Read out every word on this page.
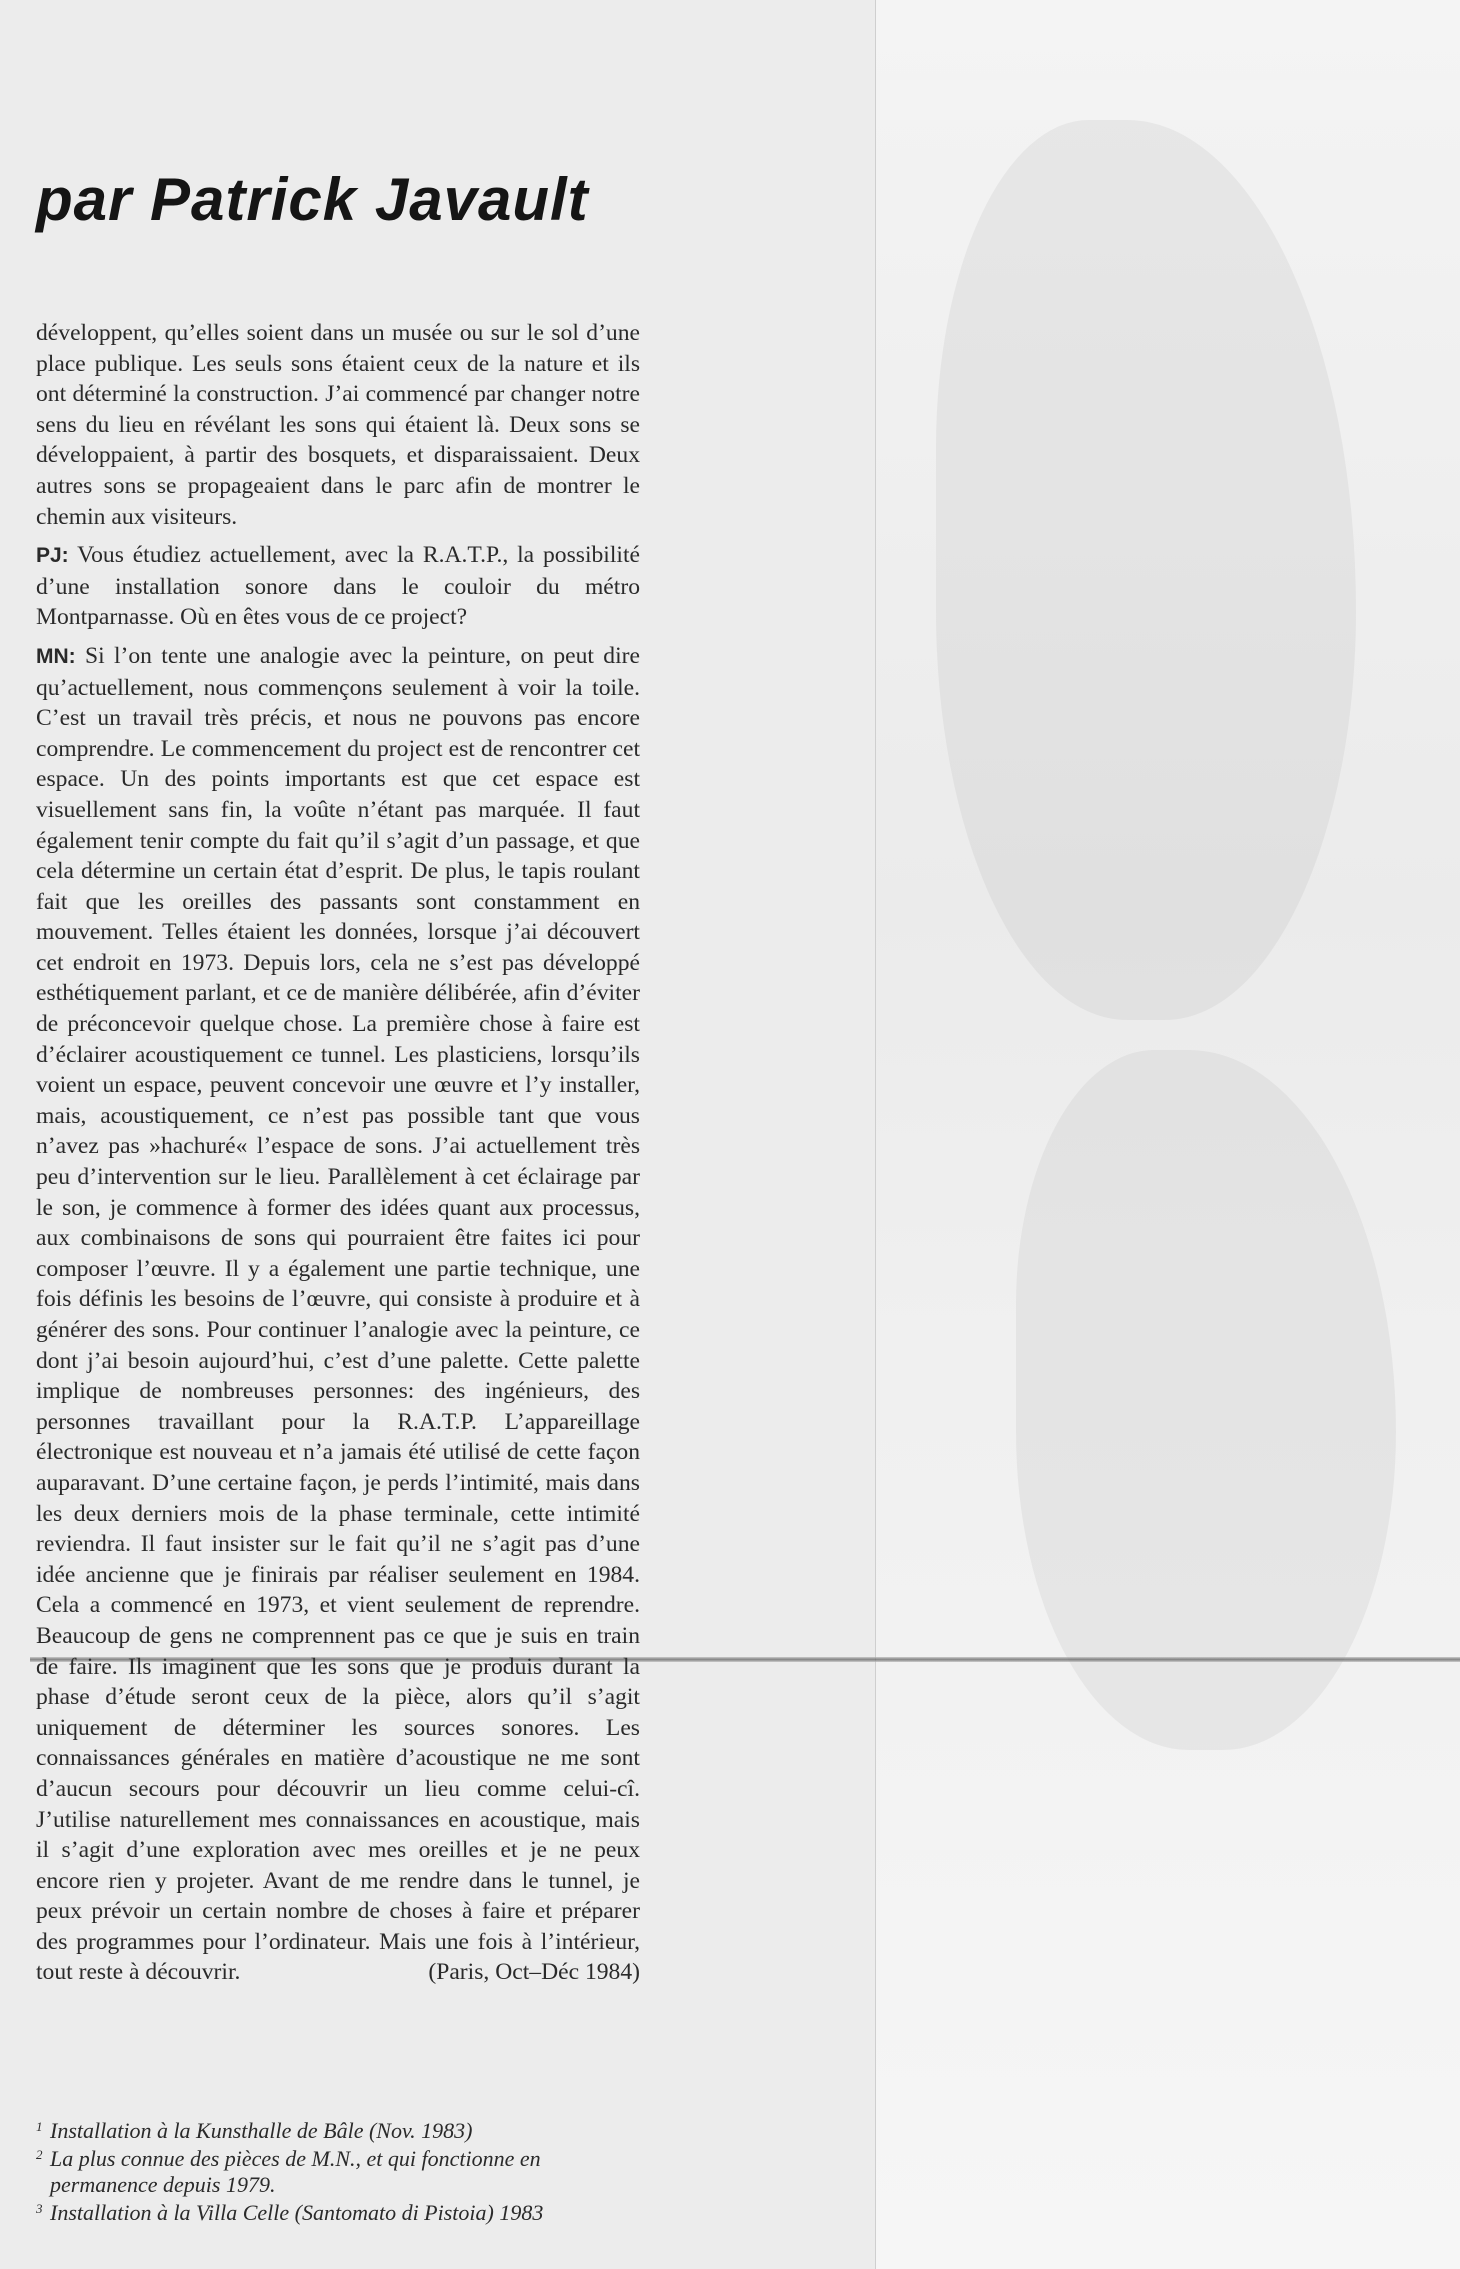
par Patrick Javault

développent, qu’elles soient dans un musée ou sur le sol d’une place publique. Les seuls sons étaient ceux de la nature et ils ont déterminé la construction. J’ai commencé par changer notre sens du lieu en révélant les sons qui étaient là. Deux sons se développaient, à partir des bosquets, et disparaissaient. Deux autres sons se propageaient dans le parc afin de montrer le chemin aux visiteurs.

PJ: Vous étudiez actuellement, avec la R.A.T.P., la possibilité d’une installation sonore dans le couloir du métro Montparnasse. Où en êtes vous de ce project?

MN: Si l’on tente une analogie avec la peinture, on peut dire qu’actuellement, nous commençons seulement à voir la toile. C’est un travail très précis, et nous ne pouvons pas encore comprendre. Le commencement du project est de rencontrer cet espace. Un des points importants est que cet espace est visuellement sans fin, la voûte n’étant pas marquée. Il faut également tenir compte du fait qu’il s’agit d’un passage, et que cela détermine un certain état d’esprit. De plus, le tapis roulant fait que les oreilles des passants sont constamment en mouvement. Telles étaient les données, lorsque j’ai découvert cet endroit en 1973. Depuis lors, cela ne s’est pas développé esthétiquement parlant, et ce de manière délibérée, afin d’éviter de préconcevoir quelque chose. La première chose à faire est d’éclairer acoustiquement ce tunnel. Les plasticiens, lorsqu’ils voient un espace, peuvent concevoir une œuvre et l’y installer, mais, acoustiquement, ce n’est pas possible tant que vous n’avez pas »hachuré« l’espace de sons. J’ai actuellement très peu d’intervention sur le lieu. Parallèlement à cet éclairage par le son, je commence à former des idées quant aux processus, aux combinaisons de sons qui pourraient être faites ici pour composer l’œuvre. Il y a également une partie technique, une fois définis les besoins de l’œuvre, qui consiste à produire et à générer des sons. Pour continuer l’analogie avec la peinture, ce dont j’ai besoin aujourd’hui, c’est d’une palette. Cette palette implique de nombreuses personnes: des ingénieurs, des personnes travaillant pour la R.A.T.P. L’appareillage électronique est nouveau et n’a jamais été utilisé de cette façon auparavant. D’une certaine façon, je perds l’intimité, mais dans les deux derniers mois de la phase terminale, cette intimité reviendra. Il faut insister sur le fait qu’il ne s’agit pas d’une idée ancienne que je finirais par réaliser seulement en 1984. Cela a commencé en 1973, et vient seulement de reprendre. Beaucoup de gens ne comprennent pas ce que je suis en train de faire. Ils imaginent que les sons que je produis durant la phase d’étude seront ceux de la pièce, alors qu’il s’agit uniquement de déterminer les sources sonores. Les connaissances générales en matière d’acoustique ne me sont d’aucun secours pour découvrir un lieu comme celui-cî. J’utilise naturellement mes connaissances en acoustique, mais il s’agit d’une exploration avec mes oreilles et je ne peux encore rien y projeter. Avant de me rendre dans le tunnel, je peux prévoir un certain nombre de choses à faire et préparer des programmes pour l’ordinateur. Mais une fois à l’intérieur, tout reste à découvrir.	(Paris, Oct–Déc 1984)

1 Installation à la Kunsthalle de Bâle (Nov. 1983)
2 La plus connue des pièces de M.N., et qui fonctionne en permanence depuis 1979.
3 Installation à la Villa Celle (Santomato di Pistoia) 1983
